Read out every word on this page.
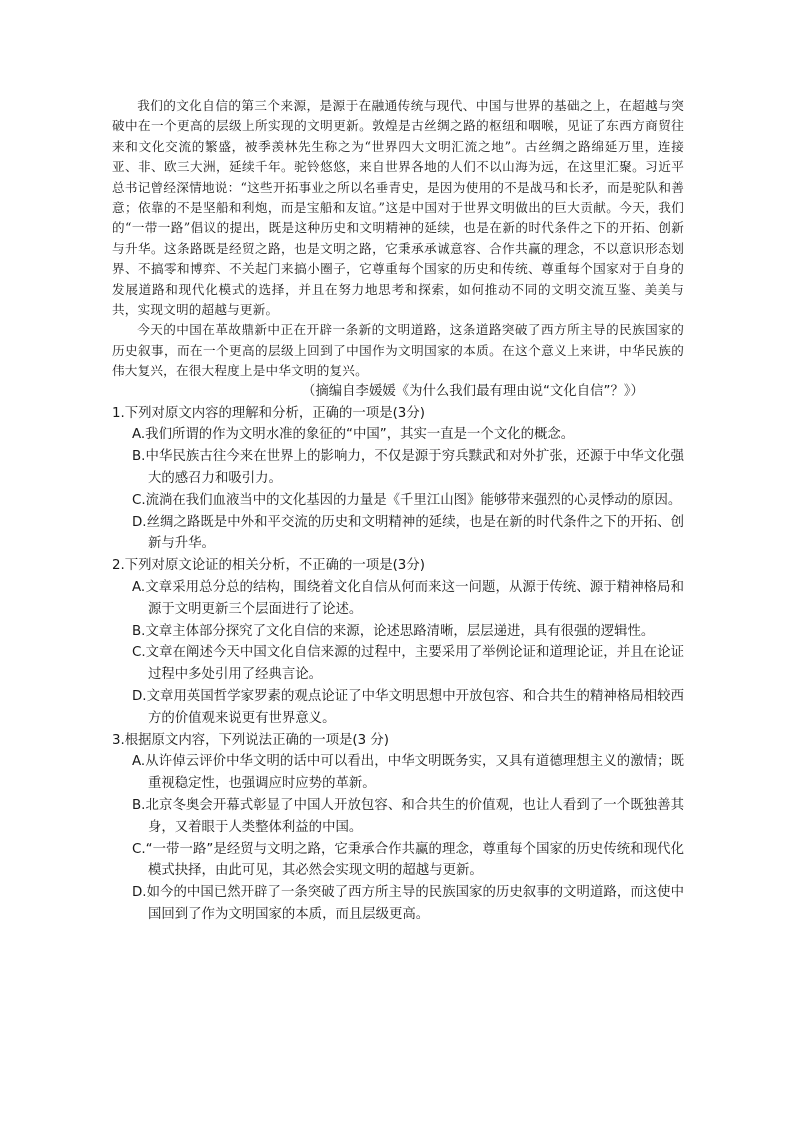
我们的文化自信的第三个来源，是源于在融通传统与现代、中国与世界的基础之上，在超越与突破中在一个更高的层级上所实现的文明更新。敦煌是古丝绸之路的枢纽和咽喉，见证了东西方商贸往来和文化交流的繁盛，被季羡林先生称之为“世界四大文明汇流之地”。古丝绸之路绵延万里，连接亚、非、欧三大洲，延续千年。驼铃悠悠，来自世界各地的人们不以山海为远，在这里汇聚。习近平总书记曾经深情地说：“这些开拓事业之所以名垂青史，是因为使用的不是战马和长矛，而是驼队和善意；依靠的不是坚船和利炮，而是宝船和友谊。”这是中国对于世界文明做出的巨大贡献。今天，我们的“一带一路”倡议的提出，既是这种历史和文明精神的延续，也是在新的时代条件之下的开拓、创新与升华。这条路既是经贸之路，也是文明之路，它秉承承诚意容、合作共赢的理念，不以意识形态划界、不搞零和博弈、不关起门来搞小圈子，它尊重每个国家的历史和传统、尊重每个国家对于自身的发展道路和现代化模式的选择，并且在努力地思考和探索，如何推动不同的文明交流互鉴、美美与共，实现文明的超越与更新。

今天的中国在革故鼎新中正在开辟一条新的文明道路，这条道路突破了西方所主导的民族国家的历史叙事，而在一个更高的层级上回到了中国作为文明国家的本质。在这个意义上来讲，中华民族的伟大复兴，在很大程度上是中华文明的复兴。

（摘编自李媛媛《为什么我们最有理由说“文化自信”？》）

1.下列对原文内容的理解和分析，正确的一项是(3分)

A.我们所谓的作为文明水准的象征的“中国”，其实一直是一个文化的概念。

B.中华民族古往今来在世界上的影响力，不仅是源于穷兵黩武和对外扩张，还源于中华文化强大的感召力和吸引力。

C.流淌在我们血液当中的文化基因的力量是《千里江山图》能够带来强烈的心灵悸动的原因。

D.丝绸之路既是中外和平交流的历史和文明精神的延续，也是在新的时代条件之下的开拓、创新与升华。

2.下列对原文论证的相关分析，不正确的一项是(3分)

A.文章采用总分总的结构，围绕着文化自信从何而来这一问题，从源于传统、源于精神格局和源于文明更新三个层面进行了论述。

B.文章主体部分探究了文化自信的来源，论述思路清晰，层层递进，具有很强的逻辑性。

C.文章在阐述今天中国文化自信来源的过程中，主要采用了举例论证和道理论证，并且在论证过程中多处引用了经典言论。

D.文章用英国哲学家罗素的观点论证了中华文明思想中开放包容、和合共生的精神格局相较西方的价值观来说更有世界意义。

3.根据原文内容，下列说法正确的一项是(3 分)

A.从许倬云评价中华文明的话中可以看出，中华文明既务实，又具有道德理想主义的激情；既重视稳定性，也强调应时应势的革新。

B.北京冬奥会开幕式彰显了中国人开放包容、和合共生的价值观，也让人看到了一个既独善其身，又着眼于人类整体利益的中国。

C.“一带一路”是经贸与文明之路，它秉承合作共赢的理念，尊重每个国家的历史传统和现代化模式抉择，由此可见，其必然会实现文明的超越与更新。

D.如今的中国已然开辟了一条突破了西方所主导的民族国家的历史叙事的文明道路，而这使中国回到了作为文明国家的本质，而且层级更高。
